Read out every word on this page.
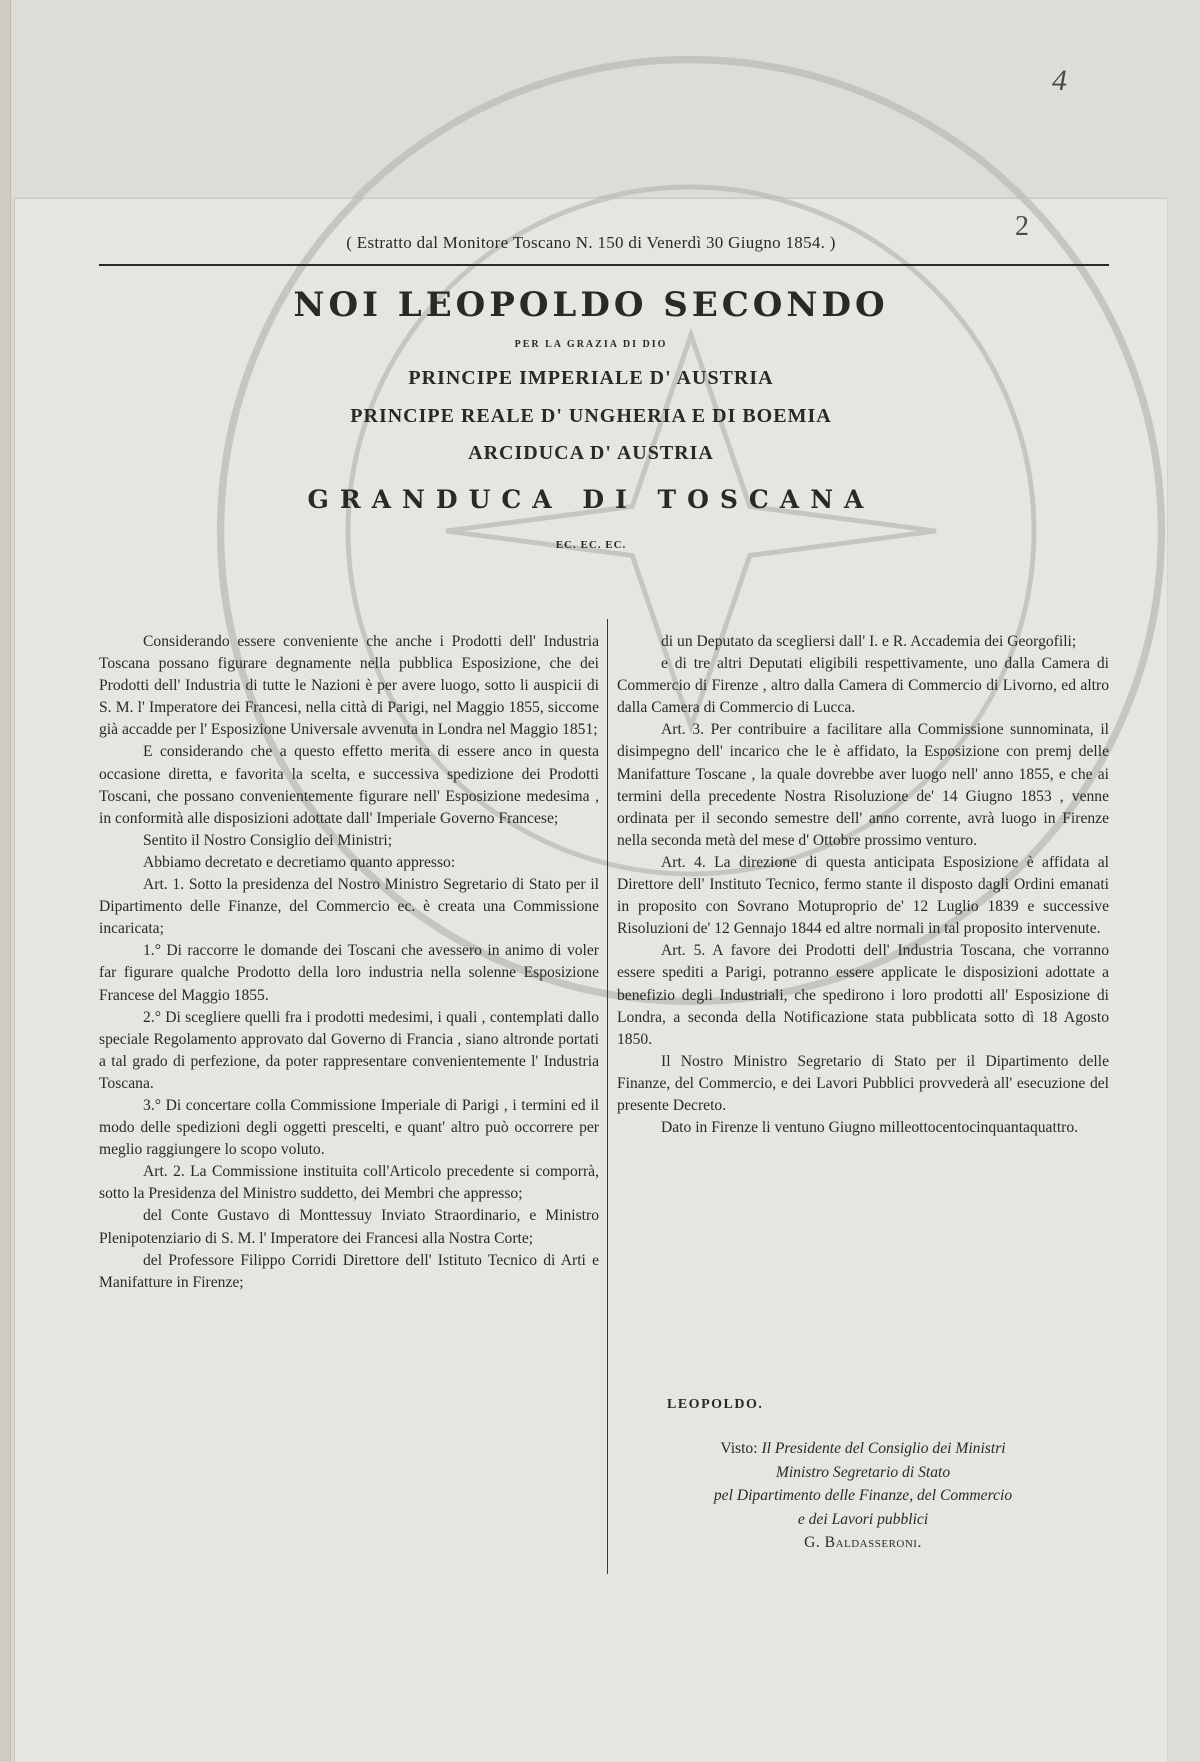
4
2
( Estratto dal Monitore Toscano N. 150 di Venerdì 30 Giugno 1854. )
NOI LEOPOLDO SECONDO
PER LA GRAZIA DI DIO
PRINCIPE IMPERIALE D' AUSTRIA
PRINCIPE REALE D' UNGHERIA E DI BOEMIA
ARCIDUCA D' AUSTRIA
GRANDUCA DI TOSCANA
EC. EC. EC.

Considerando essere conveniente che anche i Prodotti dell' Industria Toscana possano figurare degnamente nella pubblica Esposizione, che dei Prodotti dell' Industria di tutte le Nazioni è per avere luogo, sotto li auspicii di S. M. l' Imperatore dei Francesi, nella città di Parigi, nel Maggio 1855, siccome già accadde per l' Esposizione Universale avvenuta in Londra nel Maggio 1851;

E considerando che a questo effetto merita di essere anco in questa occasione diretta, e favorita la scelta, e successiva spedizione dei Prodotti Toscani, che possano convenientemente figurare nell' Esposizione medesima , in conformità alle disposizioni adottate dall' Imperiale Governo Francese;

Sentito il Nostro Consiglio dei Ministri;

Abbiamo decretato e decretiamo quanto appresso:

Art. 1. Sotto la presidenza del Nostro Ministro Segretario di Stato per il Dipartimento delle Finanze, del Commercio ec. è creata una Commissione incaricata;

1.° Di raccorre le domande dei Toscani che avessero in animo di voler far figurare qualche Prodotto della loro industria nella solenne Esposizione Francese del Maggio 1855.

2.° Di scegliere quelli fra i prodotti medesimi, i quali , contemplati dallo speciale Regolamento approvato dal Governo di Francia , siano altronde portati a tal grado di perfezione, da poter rappresentare convenientemente l' Industria Toscana.

3.° Di concertare colla Commissione Imperiale di Parigi , i termini ed il modo delle spedizioni degli oggetti prescelti, e quant' altro può occorrere per meglio raggiungere lo scopo voluto.

Art. 2. La Commissione instituita coll'Articolo precedente si comporrà, sotto la Presidenza del Ministro suddetto, dei Membri che appresso;

del Conte Gustavo di Monttessuy Inviato Straordinario, e Ministro Plenipotenziario di S. M. l' Imperatore dei Francesi alla Nostra Corte;

del Professore Filippo Corridi Direttore dell' Istituto Tecnico di Arti e Manifatture in Firenze;

di un Deputato da scegliersi dall' I. e R. Accademia dei Georgofili;

e di tre altri Deputati eligibili respettivamente, uno dalla Camera di Commercio di Firenze , altro dalla Camera di Commercio di Livorno, ed altro dalla Camera di Commercio di Lucca.

Art. 3. Per contribuire a facilitare alla Commissione sunnominata, il disimpegno dell' incarico che le è affidato, la Esposizione con premj delle Manifatture Toscane , la quale dovrebbe aver luogo nell' anno 1855, e che ai termini della precedente Nostra Risoluzione de' 14 Giugno 1853 , venne ordinata per il secondo semestre dell' anno corrente, avrà luogo in Firenze nella seconda metà del mese d' Ottobre prossimo venturo.

Art. 4. La direzione di questa anticipata Esposizione è affidata al Direttore dell' Instituto Tecnico, fermo stante il disposto dagli Ordini emanati in proposito con Sovrano Motuproprio de' 12 Luglio 1839 e successive Risoluzioni de' 12 Gennajo 1844 ed altre normali in tal proposito intervenute.

Art. 5. A favore dei Prodotti dell' Industria Toscana, che vorranno essere spediti a Parigi, potranno essere applicate le disposizioni adottate a benefizio degli Industriali, che spedirono i loro prodotti all' Esposizione di Londra, a seconda della Notificazione stata pubblicata sotto dì 18 Agosto 1850.

Il Nostro Ministro Segretario di Stato per il Dipartimento delle Finanze, del Commercio, e dei Lavori Pubblici provvederà all' esecuzione del presente Decreto.

Dato in Firenze li ventuno Giugno milleottocentocinquantaquattro.

LEOPOLDO.
Visto: Il Presidente del Consiglio dei Ministri
Ministro Segretario di Stato
pel Dipartimento delle Finanze, del Commercio
e dei Lavori pubblici
G. Baldasseroni.
